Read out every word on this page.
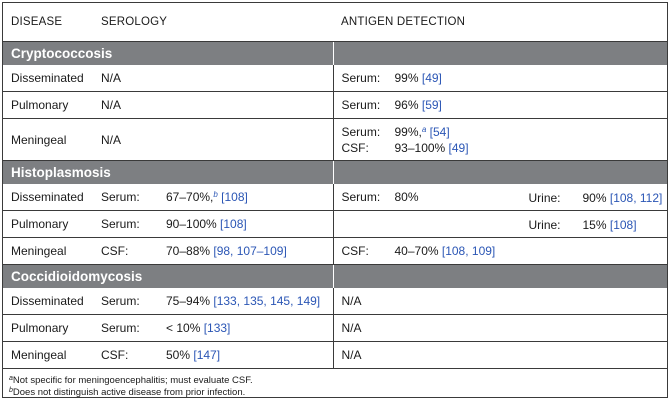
DISEASE	SEROLOGY	ANTIGEN DETECTION
Cryptococcosis		
Disseminated	N/A	Serum: 99% [49]
Pulmonary	N/A	Serum: 96% [59]
Meningeal	N/A	Serum: 99%,$^a$ [54]
CSF: 93–100% [49]

Histoplasmosis		
Disseminated	Serum: 67–70%,$^b$ [108]	Serum: 80% Urine: 90% [108, 112]

Pulmonary	Serum: 90–100% [108]	Urine: 15% [108]

Meningeal	CSF: 70–88% [98, 107–109]	CSF: 40–70% [108, 109]
Coccidioidomycosis		
Disseminated	Serum: 75–94% [133, 135, 145, 149]	N/A
Pulmonary	Serum: < 10% [133]	N/A
Meningeal	CSF: 50% [147]	N/A
$^a$Not specific for meningoencephalitis; must evaluate CSF.
$^b$Does not distinguish active disease from prior infection.
